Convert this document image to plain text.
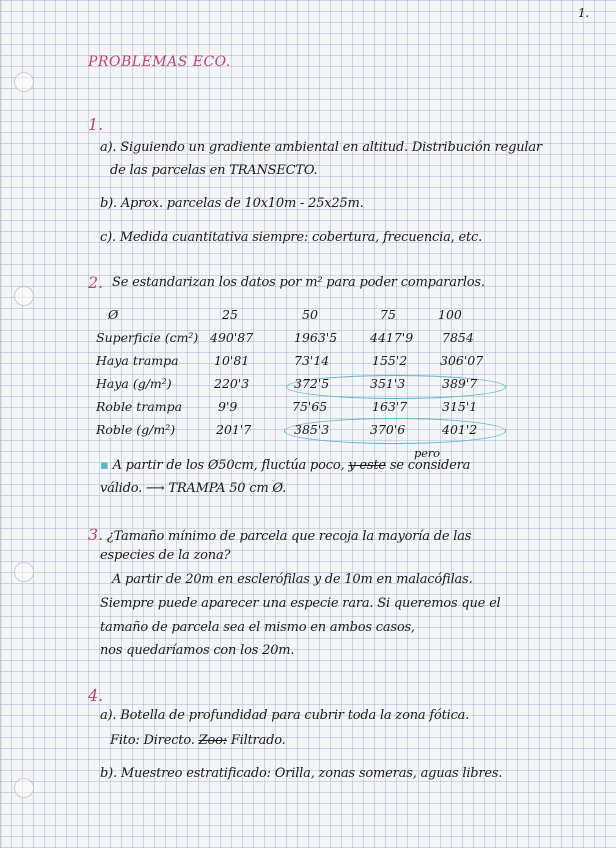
1.
PROBLEMAS ECO.
1.
a). Siguiendo un gradiente ambiental en altitud. Distribución regular
de las parcelas en TRANSECTO.
b). Aprox. parcelas de 10x10m - 25x25m.
c). Medida cuantitativa siempre: cobertura, frecuencia, etc.
2. Se estandarizan los datos por m² para poder compararlos.
Ø	25	50	75	100
Superficie (cm²) 490'87	1963'5	4417'9 7854
Haya trampa	10'81	73'14	155'2	306'07
Haya (g/m²)	220'3	372'5	351'3	389'7
Roble trampa	9'9	75'65	163'7	315'1
Roble (g/m²)	201'7	385'3	370'6	401'2
pero
▪ A partir de los Ø50cm, fluctúa poco, y este se considera
válido. ⟶ TRAMPA 50 cm Ø.
3. ¿Tamaño mínimo de parcela que recoja la mayoría de las
especies de la zona?
A partir de 20m en esclerófilas y de 10m en malacófilas.
Siempre puede aparecer una especie rara. Si queremos que el
tamaño de parcela sea el mismo en ambos casos,
nos quedaríamos con los 20m.
4.
a). Botella de profundidad para cubrir toda la zona fótica.
Fito: Directo. Zoo: Filtrado.
b). Muestreo estratificado: Orilla, zonas someras, aguas libres.
